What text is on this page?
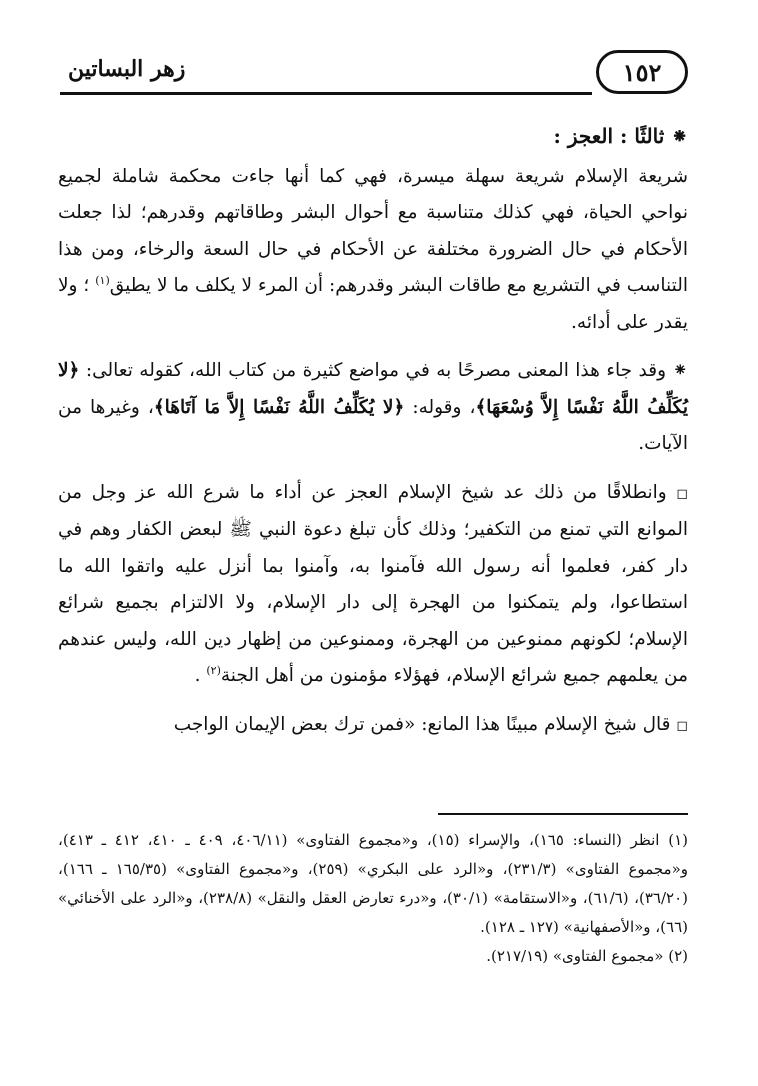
١٥٢
زهر البساتين

⁕ ثالثًا : العجز :

شريعة الإسلام شريعة سهلة ميسرة، فهي كما أنها جاءت محكمة شاملة لجميع نواحي الحياة، فهي كذلك متناسبة مع أحوال البشر وطاقاتهم وقدرهم؛ لذا جعلت الأحكام في حال الضرورة مختلفة عن الأحكام في حال السعة والرخاء، ومن هذا التناسب في التشريع مع طاقات البشر وقدرهم: أن المرء لا يكلف ما لا يطيق$^{(١)}$ ؛ ولا يقدر على أدائه.

⁕ وقد جاء هذا المعنى مصرحًا به في مواضع كثيرة من كتاب الله، كقوله تعالى: ﴿لا يُكَلِّفُ اللَّهُ نَفْسًا إِلاَّ وُسْعَهَا﴾، وقوله: ﴿لا يُكَلِّفُ اللَّهُ نَفْسًا إِلاَّ مَا آتَاهَا﴾، وغيرها من الآيات.

◻ وانطلاقًا من ذلك عد شيخ الإسلام العجز عن أداء ما شرع الله عز وجل من الموانع التي تمنع من التكفير؛ وذلك كأن تبلغ دعوة النبي ﷺ لبعض الكفار وهم في دار كفر، فعلموا أنه رسول الله فآمنوا به، وآمنوا بما أنزل عليه واتقوا الله ما استطاعوا، ولم يتمكنوا من الهجرة إلى دار الإسلام، ولا الالتزام بجميع شرائع الإسلام؛ لكونهم ممنوعين من الهجرة، وممنوعين من إظهار دين الله، وليس عندهم من يعلمهم جميع شرائع الإسلام، فهؤلاء مؤمنون من أهل الجنة$^{(٢)}$ .

◻ قال شيخ الإسلام مبينًا هذا المانع: «فمن ترك بعض الإيمان الواجب

(١) انظر (النساء: ١٦٥)، والإسراء (١٥)، و«مجموع الفتاوى» (٤٠٦/١١، ٤٠٩ ـ ٤١٠، ٤١٢ ـ ٤١٣)، و«مجموع الفتاوى» (٢٣١/٣)، و«الرد على البكري» (٢٥٩)، و«مجموع الفتاوى» (١٦٥/٣٥ ـ ١٦٦)، (٣٦/٢٠)، (٦١/٦)، و«الاستقامة» (٣٠/١)، و«درء تعارض العقل والنقل» (٢٣٨/٨)، و«الرد على الأخنائي» (٦٦)، و«الأصفهانية» (١٢٧ ـ ١٢٨).

(٢) «مجموع الفتاوى» (٢١٧/١٩).
